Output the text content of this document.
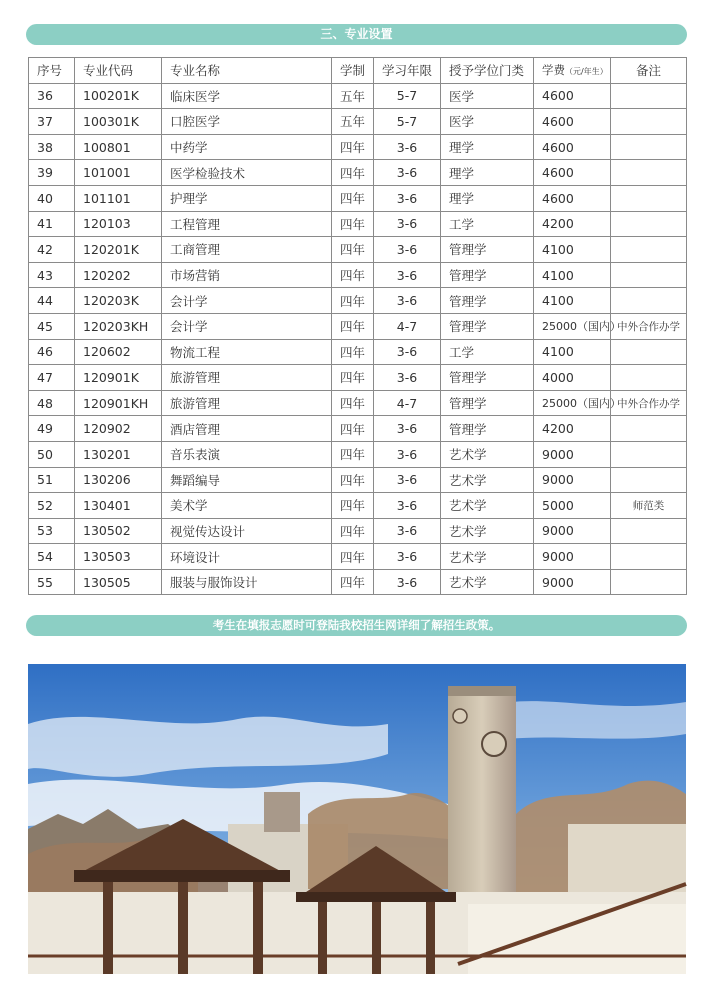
三、专业设置
序号	专业代码	专业名称	学制	学习年限	授予学位门类	学费（元/年生）	备注
36	100201K	临床医学	五年	5-7	医学	4600	
37	100301K	口腔医学	五年	5-7	医学	4600	
38	100801	中药学	四年	3-6	理学	4600	
39	101001	医学检验技术	四年	3-6	理学	4600	
40	101101	护理学	四年	3-6	理学	4600	
41	120103	工程管理	四年	3-6	工学	4200	
42	120201K	工商管理	四年	3-6	管理学	4100	
43	120202	市场营销	四年	3-6	管理学	4100	
44	120203K	会计学	四年	3-6	管理学	4100	
45	120203KH	会计学	四年	4-7	管理学	25000（国内）	中外合作办学
46	120602	物流工程	四年	3-6	工学	4100	
47	120901K	旅游管理	四年	3-6	管理学	4000	
48	120901KH	旅游管理	四年	4-7	管理学	25000（国内）	中外合作办学
49	120902	酒店管理	四年	3-6	管理学	4200	
50	130201	音乐表演	四年	3-6	艺术学	9000	
51	130206	舞蹈编导	四年	3-6	艺术学	9000	
52	130401	美术学	四年	3-6	艺术学	5000	师范类
53	130502	视觉传达设计	四年	3-6	艺术学	9000	
54	130503	环境设计	四年	3-6	艺术学	9000	
55	130505	服装与服饰设计	四年	3-6	艺术学	9000	
考生在填报志愿时可登陆我校招生网详细了解招生政策。
